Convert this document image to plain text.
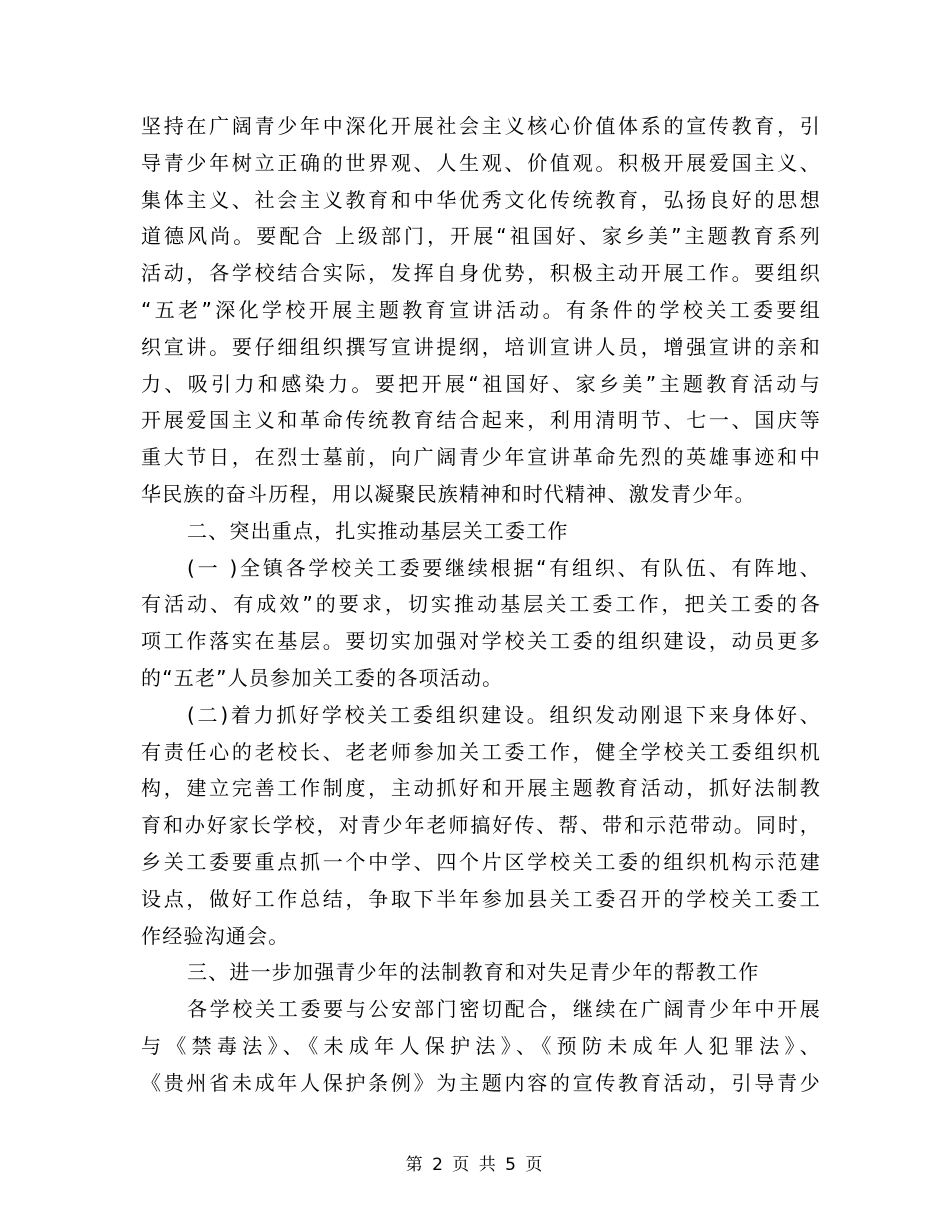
坚持在广阔青少年中深化开展社会主义核心价值体系的宣传教育，引
导青少年树立正确的世界观、人生观、价值观。积极开展爱国主义、
集体主义、社会主义教育和中华优秀文化传统教育，弘扬良好的思想
道德风尚。要配合 上级部门，开展“祖国好、家乡美”主题教育系列
活动，各学校结合实际，发挥自身优势，积极主动开展工作。要组织
“五老”深化学校开展主题教育宣讲活动。有条件的学校关工委要组
织宣讲。要仔细组织撰写宣讲提纲，培训宣讲人员，增强宣讲的亲和
力、吸引力和感染力。要把开展“祖国好、家乡美”主题教育活动与
开展爱国主义和革命传统教育结合起来，利用清明节、七一、国庆等
重大节日，在烈士墓前，向广阔青少年宣讲革命先烈的英雄事迹和中
华民族的奋斗历程，用以凝聚民族精神和时代精神、激发青少年。
二、突出重点，扎实推动基层关工委工作
(一 )全镇各学校关工委要继续根据“有组织、有队伍、有阵地、
有活动、有成效”的要求，切实推动基层关工委工作，把关工委的各
项工作落实在基层。要切实加强对学校关工委的组织建设，动员更多
的“五老”人员参加关工委的各项活动。
(二)着力抓好学校关工委组织建设。组织发动刚退下来身体好、
有责任心的老校长、老老师参加关工委工作，健全学校关工委组织机
构，建立完善工作制度，主动抓好和开展主题教育活动，抓好法制教
育和办好家长学校，对青少年老师搞好传、帮、带和示范带动。同时，
乡关工委要重点抓一个中学、四个片区学校关工委的组织机构示范建
设点，做好工作总结，争取下半年参加县关工委召开的学校关工委工
作经验沟通会。
三、进一步加强青少年的法制教育和对失足青少年的帮教工作
各学校关工委要与公安部门密切配合，继续在广阔青少年中开展
与《禁毒法》、《未成年人保护法》、《预防未成年人犯罪法》、
《贵州省未成年人保护条例》为主题内容的宣传教育活动，引导青少
第 2 页 共 5 页
